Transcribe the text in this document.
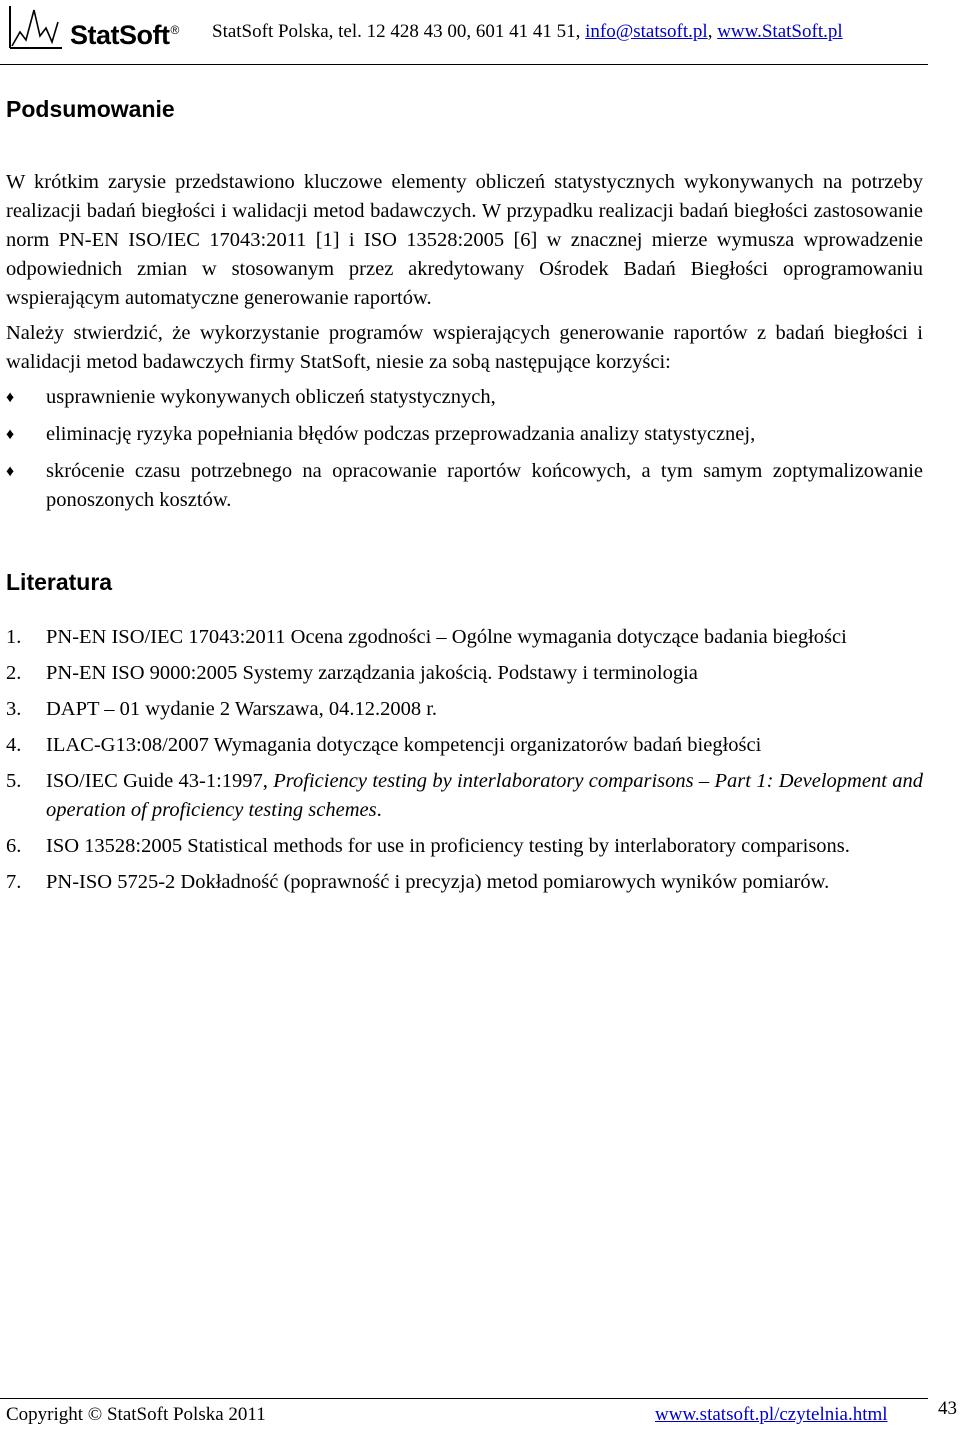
StatSoft® StatSoft Polska, tel. 12 428 43 00, 601 41 41 51, info@statsoft.pl, www.StatSoft.pl
Podsumowanie

W krótkim zarysie przedstawiono kluczowe elementy obliczeń statystycznych wykonywanych na potrzeby realizacji badań biegłości i walidacji metod badawczych. W przypadku realizacji badań biegłości zastosowanie norm PN-EN ISO/IEC 17043:2011 [1] i ISO 13528:2005 [6] w znacznej mierze wymusza wprowadzenie odpowiednich zmian w stosowanym przez akredytowany Ośrodek Badań Biegłości oprogramowaniu wspierającym automatyczne generowanie raportów.

Należy stwierdzić, że wykorzystanie programów wspierających generowanie raportów z badań biegłości i walidacji metod badawczych firmy StatSoft, niesie za sobą następujące korzyści:

♦ usprawnienie wykonywanych obliczeń statystycznych,
♦ eliminację ryzyka popełniania błędów podczas przeprowadzania analizy statystycznej,
♦ skrócenie czasu potrzebnego na opracowanie raportów końcowych, a tym samym zoptymalizowanie ponoszonych kosztów.
Literatura
1. PN-EN ISO/IEC 17043:2011 Ocena zgodności – Ogólne wymagania dotyczące badania biegłości
2. PN-EN ISO 9000:2005 Systemy zarządzania jakością. Podstawy i terminologia
3. DAPT – 01 wydanie 2 Warszawa, 04.12.2008 r.
4. ILAC-G13:08/2007 Wymagania dotyczące kompetencji organizatorów badań biegłości
5. ISO/IEC Guide 43-1:1997, Proficiency testing by interlaboratory comparisons – Part 1: Development and operation of proficiency testing schemes.
6. ISO 13528:2005 Statistical methods for use in proficiency testing by interlaboratory comparisons.
7. PN-ISO 5725-2 Dokładność (poprawność i precyzja) metod pomiarowych wyników pomiarów.
Copyright © StatSoft Polska 2011	www.statsoft.pl/czytelnia.html	43
